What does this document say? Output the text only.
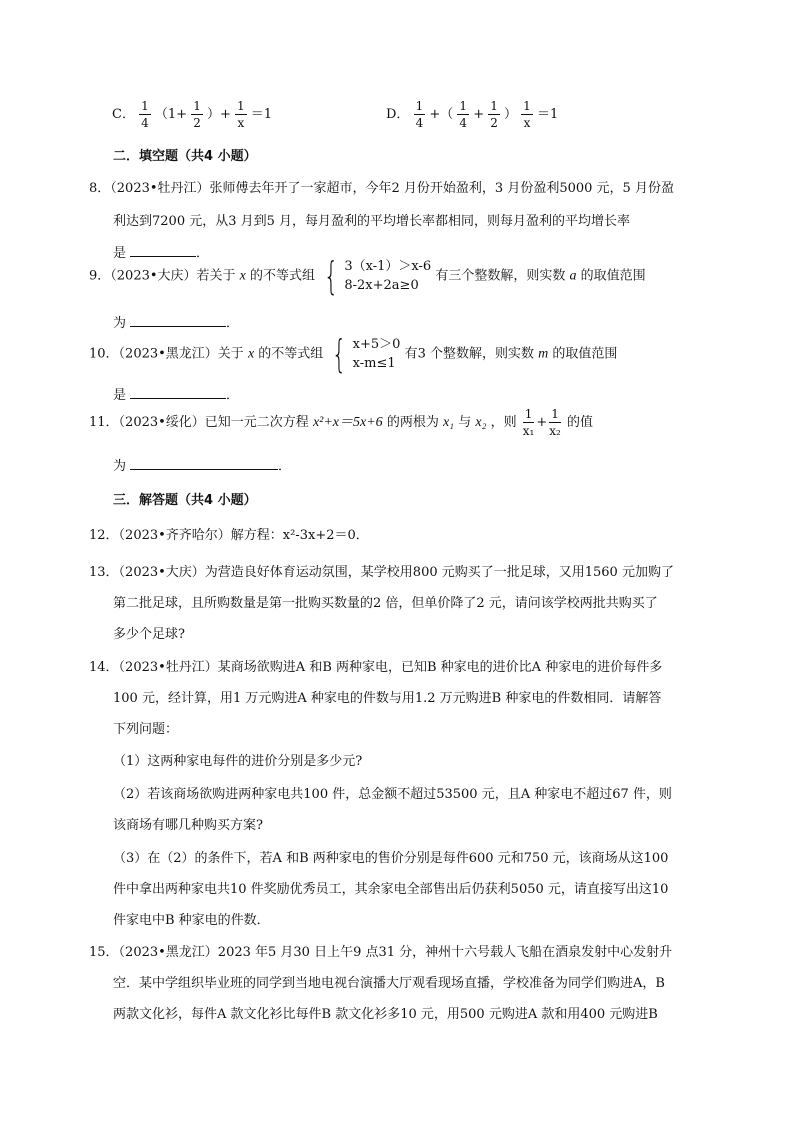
C． $\frac{1}{4} (1+ \frac{1}{2}$ ）+ $\frac{1}{x} =1$	D． $\frac{1}{4}$ +（ $\frac{1}{4} + \frac{1}{2}$ ） $\frac{1}{x} =1$
二．填空题（共4 小题）
8．（2023•牡丹江）张师傅去年开了一家超市，今年2 月份开始盈利，3 月份盈利5000 元，5 月份盈
利达到7200 元，从3 月到5 月，每月盈利的平均增长率都相同，则每月盈利的平均增长率
是	．
9．（2023•大庆）若关于 x 的不等式组 { 3（x-1）＞x-6
8-2x+2a≥0
有三个整数解，则实数 a 的取值范围
为	．
10．（2023•黑龙江）关于 x 的不等式组 { x+5＞0
x-m≤1
有3 个整数解，则实数 m 的取值范围
是	．
11．（2023•绥化）已知一元二次方程 x²+x＝5x+6 的两根为 x₁ 与 x₂ ，则 $\frac{1}{\text{x₁}} + \frac{1}{\text{x₂}}$ 的值
为	．
三．解答题（共4 小题）
12．（2023•齐齐哈尔）解方程：x²-3x+2＝0．
13．（2023•大庆）为营造良好体育运动氛围，某学校用800 元购买了一批足球，又用1560 元加购了
第二批足球，且所购数量是第一批购买数量的2 倍，但单价降了2 元，请问该学校两批共购买了
多少个足球?
14．（2023•牡丹江）某商场欲购进A 和B 两种家电，已知B 种家电的进价比A 种家电的进价每件多
100 元，经计算，用1 万元购进A 种家电的件数与用1.2 万元购进B 种家电的件数相同．请解答
下列问题：
（1）这两种家电每件的进价分别是多少元?
（2）若该商场欲购进两种家电共100 件，总金额不超过53500 元，且A 种家电不超过67 件，则
该商场有哪几种购买方案?
（3）在（2）的条件下，若A 和B 两种家电的售价分别是每件600 元和750 元，该商场从这100
件中拿出两种家电共10 件奖励优秀员工，其余家电全部售出后仍获利5050 元，请直接写出这10
件家电中B 种家电的件数．
15．（2023•黑龙江）2023 年5 月30 日上午9 点31 分，神州十六号载人飞船在酒泉发射中心发射升
空．某中学组织毕业班的同学到当地电视台演播大厅观看现场直播，学校准备为同学们购进A，B
两款文化衫，每件A 款文化衫比每件B 款文化衫多10 元，用500 元购进A 款和用400 元购进B
